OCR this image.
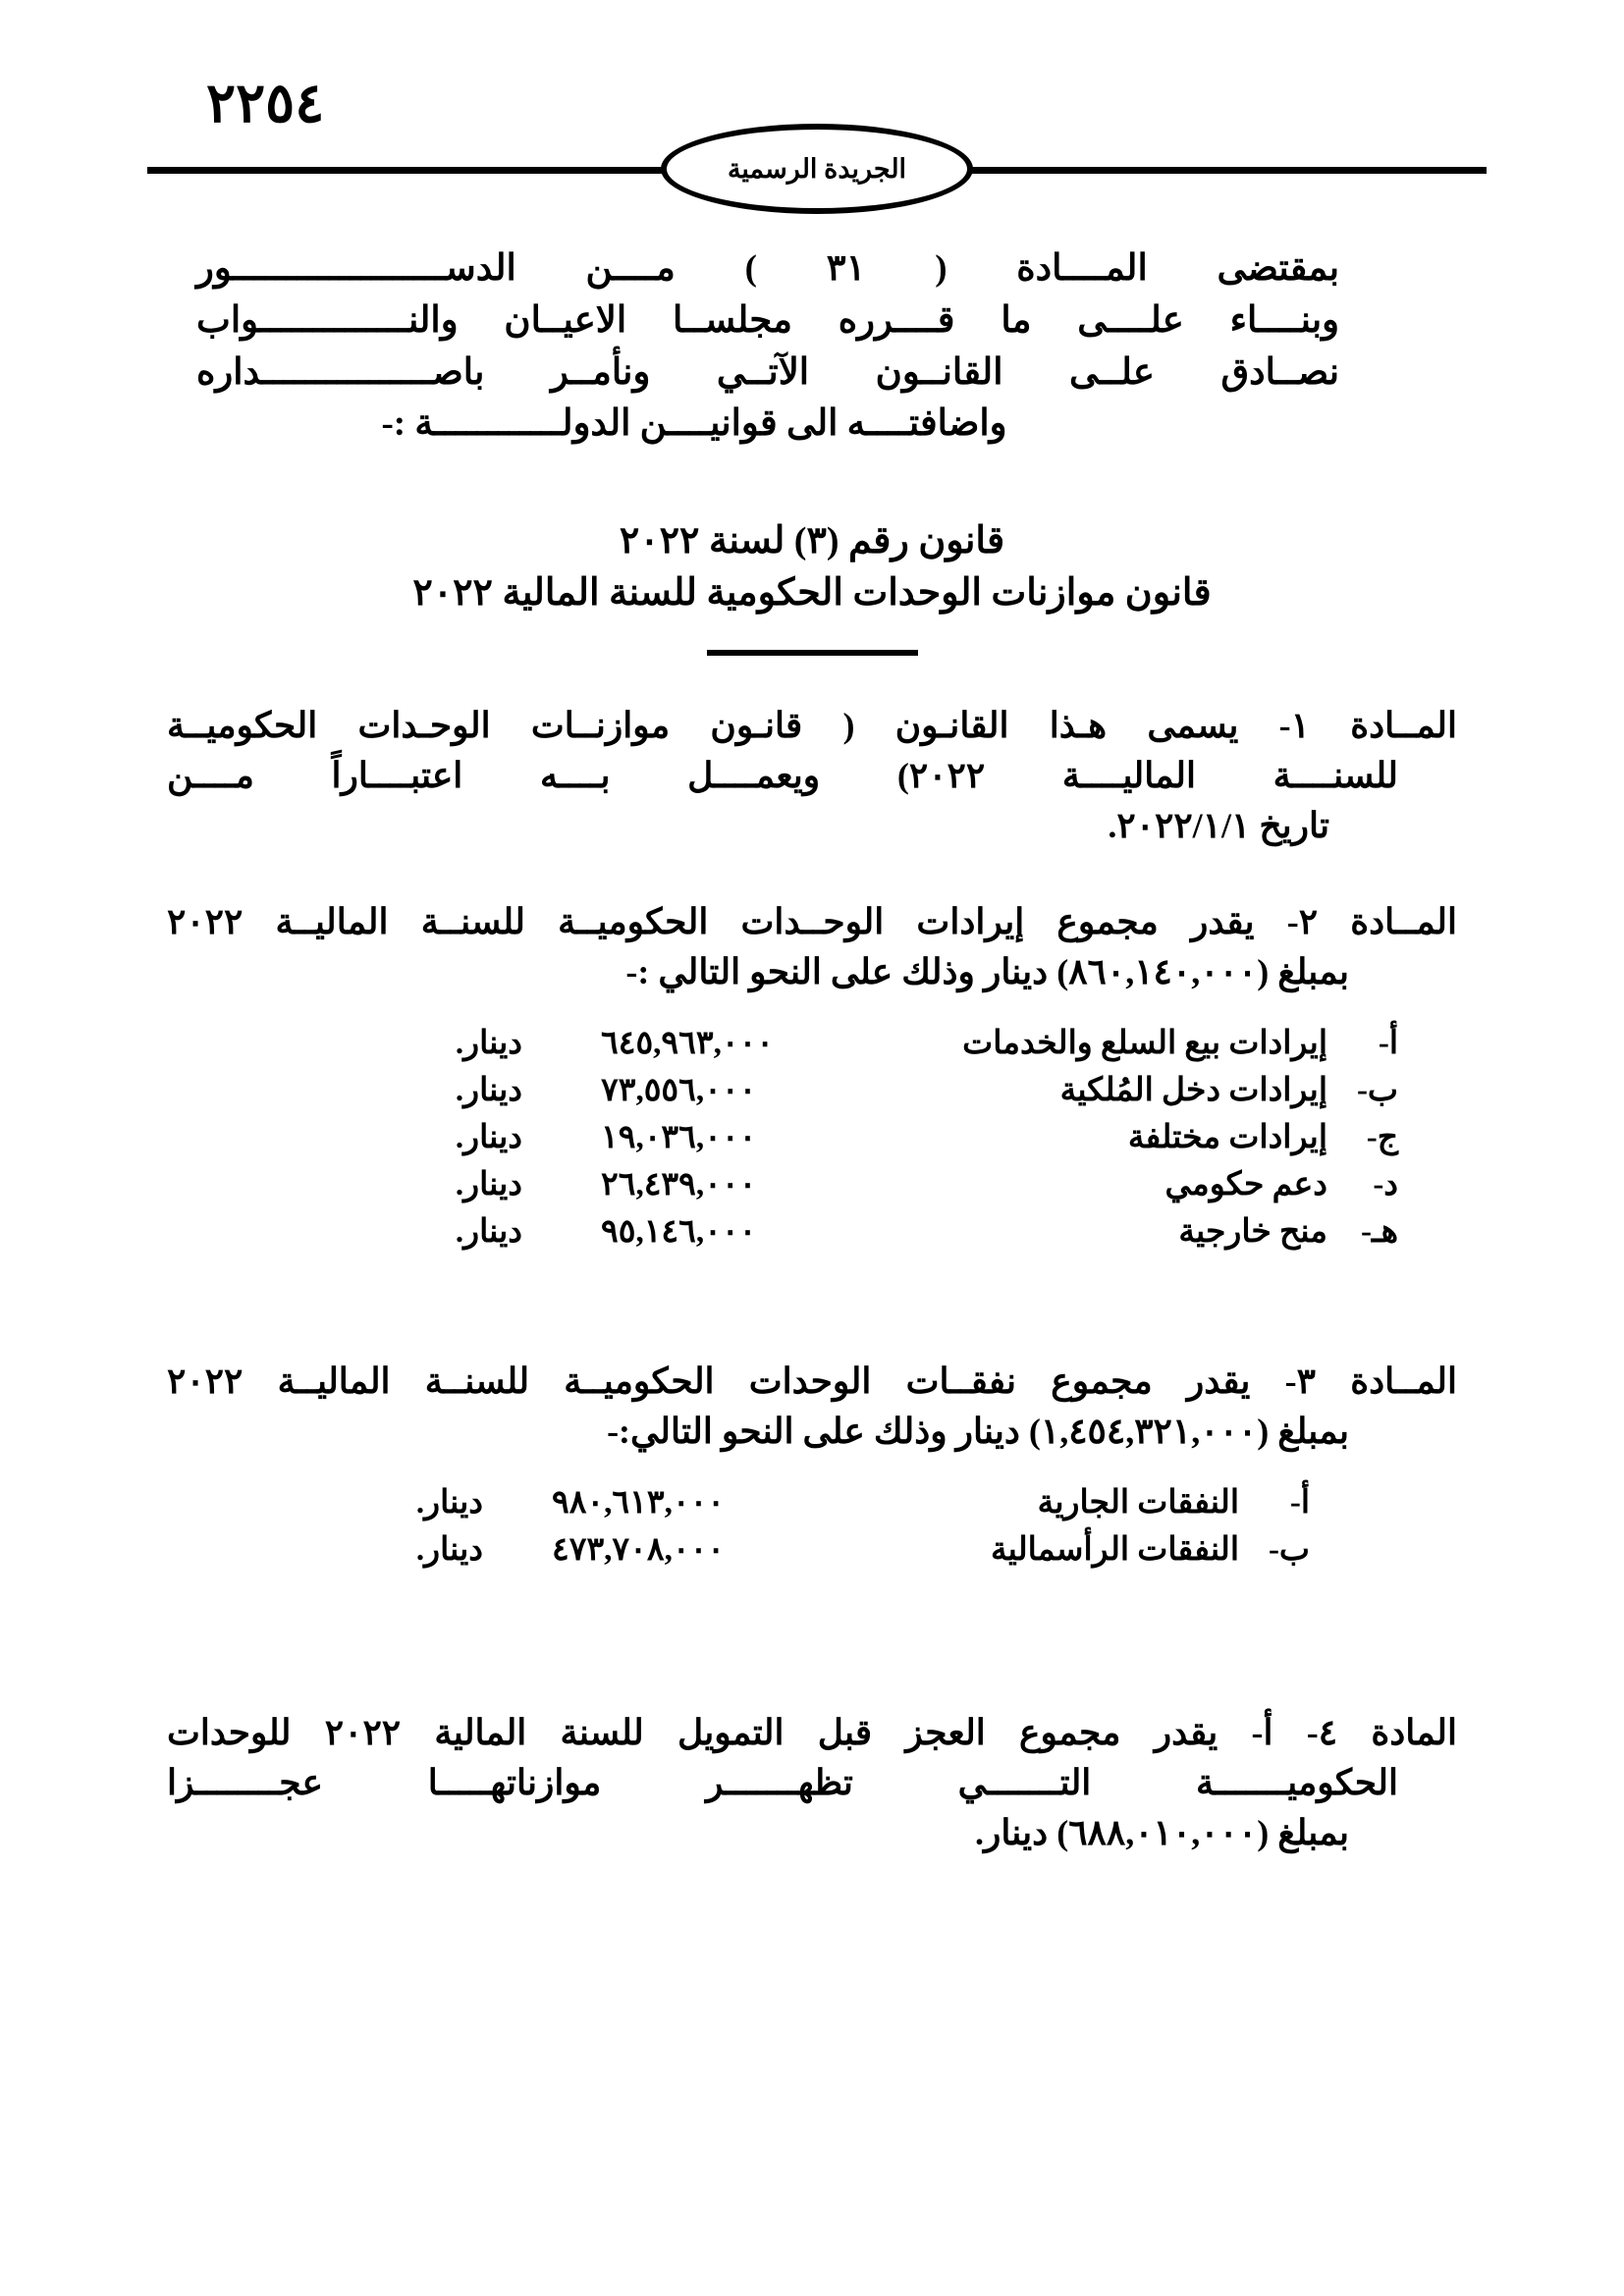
٢٢٥٤
الجريدة الرسمية
بمقتضى المــــادة ( ٣١ ) مــــن الدســــــــــــــــــــور
وبنــــاء علــــى ما قــــرره مجلســا الاعيــان والنــــــــــــــواب
نصــادق علــى القانــون الآتــي ونأمــر باصــــــــــــــــداره
واضافتــــه الى قوانيــــن الدولــــــــــــة :-
قانون رقم (٣) لسنة ٢٠٢٢
قانون موازنات الوحدات الحكومية للسنة المالية ٢٠٢٢
المــادة ١- يسمى هـذا القانـون ( قانـون موازنــات الوحـدات الحكوميــة
للسنــــة الماليــــة ٢٠٢٢) ويعمــــل بــــه اعتبــــاراً مــــن
تاريخ ٢٠٢٢/١/١.
المــادة ٢- يقدر مجموع إيرادات الوحــدات الحكوميــة للسنــة الماليــة ٢٠٢٢
بمبلغ (٨٦٠,١٤٠,٠٠٠) دينار وذلك على النحو التالي :-
أ-	إيرادات بيع السلع والخدمات	٦٤٥,٩٦٣,٠٠٠	دينار.
ب-	إيرادات دخل المُلكية	٧٣,٥٥٦,٠٠٠	دينار.
ج-	إيرادات مختلفة	١٩,٠٣٦,٠٠٠	دينار.
د-	دعم حكومي	٢٦,٤٣٩,٠٠٠	دينار.
هـ-	منح خارجية	٩٥,١٤٦,٠٠٠	دينار.
المــادة ٣- يقدر مجموع نفقــات الوحدات الحكوميــة للسنــة الماليــة ٢٠٢٢
بمبلغ (١,٤٥٤,٣٢١,٠٠٠) دينار وذلك على النحو التالي:-
أ-	النفقات الجارية	٩٨٠,٦١٣,٠٠٠	دينار.
ب-	النفقات الرأسمالية	٤٧٣,٧٠٨,٠٠٠	دينار.
المادة ٤- أ- يقدر مجموع العجز قبل التمويل للسنة المالية ٢٠٢٢ للوحدات
الحكوميـــــــة التـــــــي تظهـــــــر موازناتهـــــا عجــــــــزا
بمبلغ (٦٨٨,٠١٠,٠٠٠) دينار.
